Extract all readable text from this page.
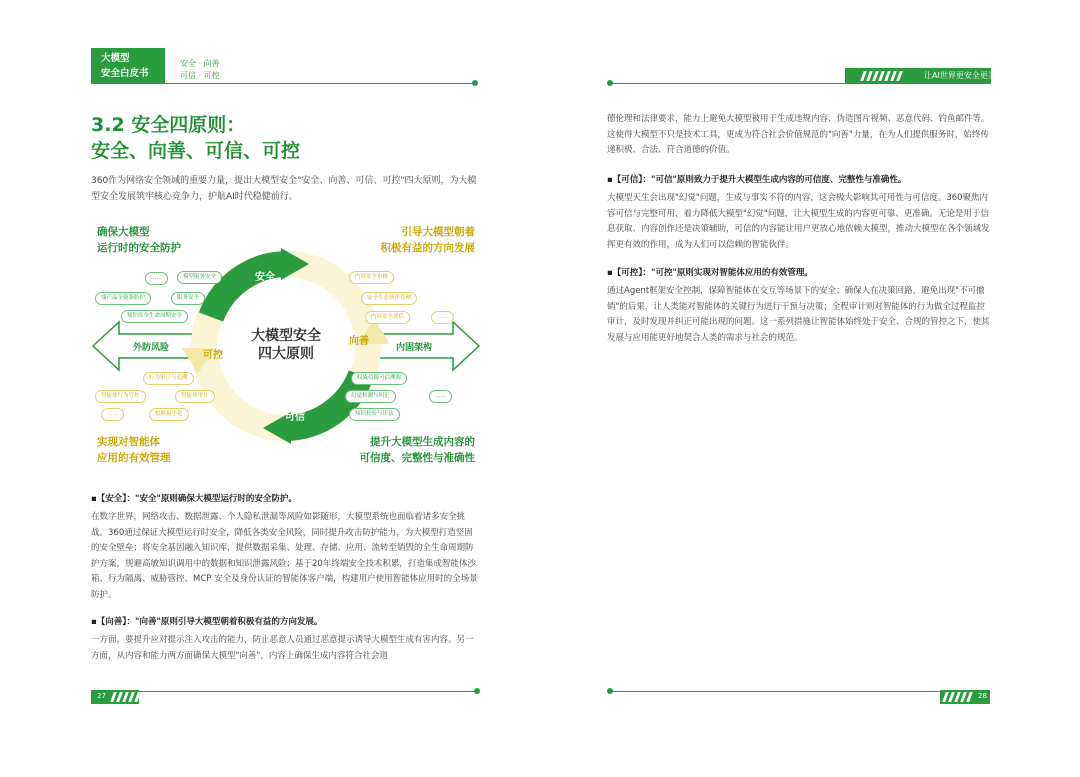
大模型
安全白皮书
安全 · 向善
可信 · 可控
3.2 安全四原则：
安全、向善、可信、可控
360作为网络安全领域的重要力量，提出大模型安全"安全、向善、可信、可控"四大原则，为大模型安全发展筑牢核心竞争力，护航AI时代稳健前行。
大模型安全
四大原则
安全
向善
可信
可控
确保大模型
运行时的安全防护
引导大模型朝着
积极有益的方向发展
实现对智能体
应用的有效管理
提升大模型生成内容的
可信度、完整性与准确性
外防风险	内固架构
……	模型服务安全
端产品全链条防护	服务安全
知识库全生命周期安全
内容安全审核
安全生态伙伴管理
内容安全评估	……
行为审计与追溯
智能体行为管控
……	权限最小化
智能体审计
权威信源可信溯源
幻觉检测与纠正	……
知识校验与评估
▪【安全】："安全"原则确保大模型运行时的安全防护。
在数字世界，网络攻击、数据泄露、个人隐私泄漏等风险如影随形，大模型系统也面临着诸多安全挑战。360通过保证大模型运行时安全，降低各类安全风险，同时提升攻击防护能力，为大模型打造坚固的安全壁垒；将安全基因融入知识库，提供数据采集、处理、存储、应用、流转至销毁的全生命周期防护方案，规避高敏知识调用中的数据和知识泄露风险；基于20年终端安全技术积累，打造集成智能体沙箱、行为隔离、威胁管控、MCP 安全及身份认证的智能体客户端，构建用户使用智能体应用时的全场景防护。
▪【向善】："向善"原则引导大模型朝着积极有益的方向发展。
一方面，要提升应对提示注入攻击的能力，防止恶意人员通过恶意提示诱导大模型生成有害内容。另一方面，从内容和能力两方面确保大模型"向善"，内容上确保生成内容符合社会道
27
让AI世界更安全更美好
德伦理和法律要求，能力上避免大模型被用于生成违规内容、伪造图片视频、恶意代码、钓鱼邮件等。这使得大模型不只是技术工具，更成为符合社会价值规范的"向善"力量，在为人们提供服务时，始终传递积极、合法、符合道德的价值。
▪【可信】："可信"原则致力于提升大模型生成内容的可信度、完整性与准确性。
大模型天生会出现"幻觉"问题，生成与事实不符的内容，这会极大影响其可用性与可信度。360聚焦内容可信与完整可用，着力降低大模型"幻觉"问题，让大模型生成的内容更可靠、更准确。无论是用于信息获取、内容创作还是决策辅助，可信的内容能让用户更放心地依赖大模型，推动大模型在各个领域发挥更有效的作用，成为人们可以信赖的智能伙伴。
▪【可控】："可控"原则实现对智能体应用的有效管理。
通过Agent框架安全控制，保障智能体在交互等场景下的安全；确保人在决策回路，避免出现"不可撤销"的后果，让人类能对智能体的关键行为进行干预与决策；全程审计则对智能体的行为做全过程监控审计，及时发现并纠正可能出现的问题。这一系列措施让智能体始终处于安全、合规的管控之下，使其发展与应用能更好地契合人类的需求与社会的规范。
28
